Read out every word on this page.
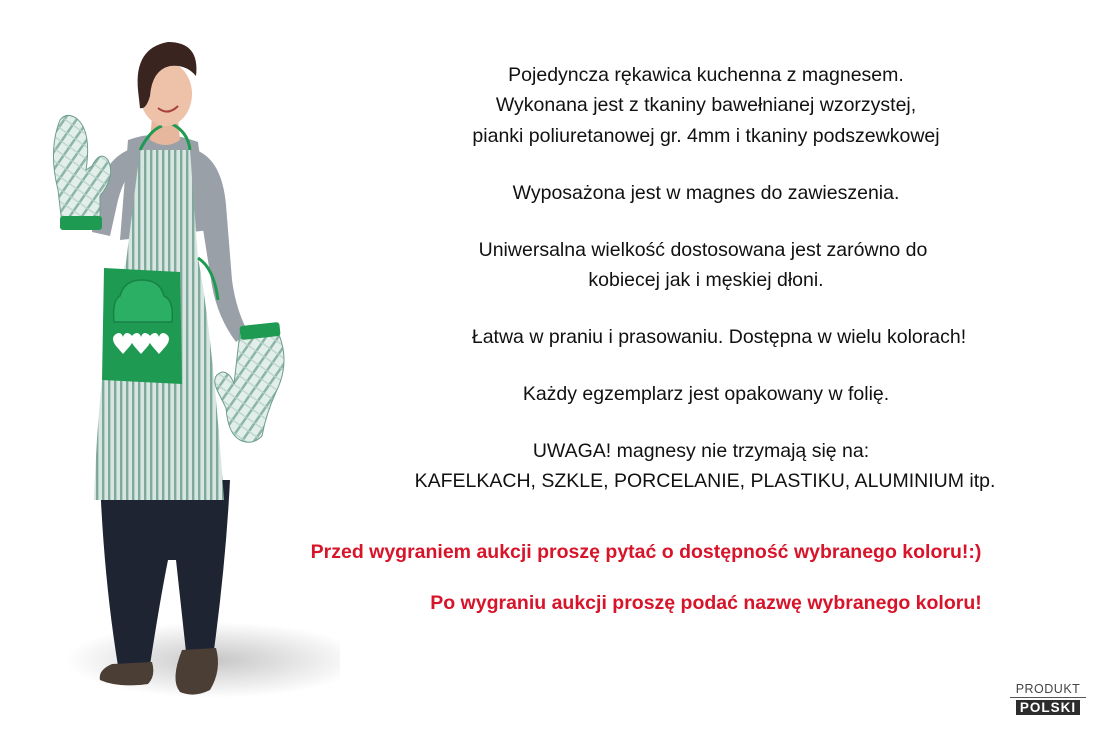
Pojedyncza rękawica kuchenna z magnesem.

Wykonana jest z tkaniny bawełnianej wzorzystej,

pianki poliuretanowej gr. 4mm i tkaniny podszewkowej

Wyposażona jest w magnes do zawieszenia.

Uniwersalna wielkość dostosowana jest zarówno do

kobiecej jak i męskiej dłoni.

Łatwa w praniu i prasowaniu. Dostępna w wielu kolorach!

Każdy egzemplarz jest opakowany w folię.

UWAGA! magnesy nie trzymają się na:

KAFELKACH, SZKLE, PORCELANIE, PLASTIKU, ALUMINIUM itp.

Przed wygraniem aukcji proszę pytać o dostępność wybranego koloru!:)

Po wygraniu aukcji proszę podać nazwę wybranego koloru!

PRODUKT
POLSKI
